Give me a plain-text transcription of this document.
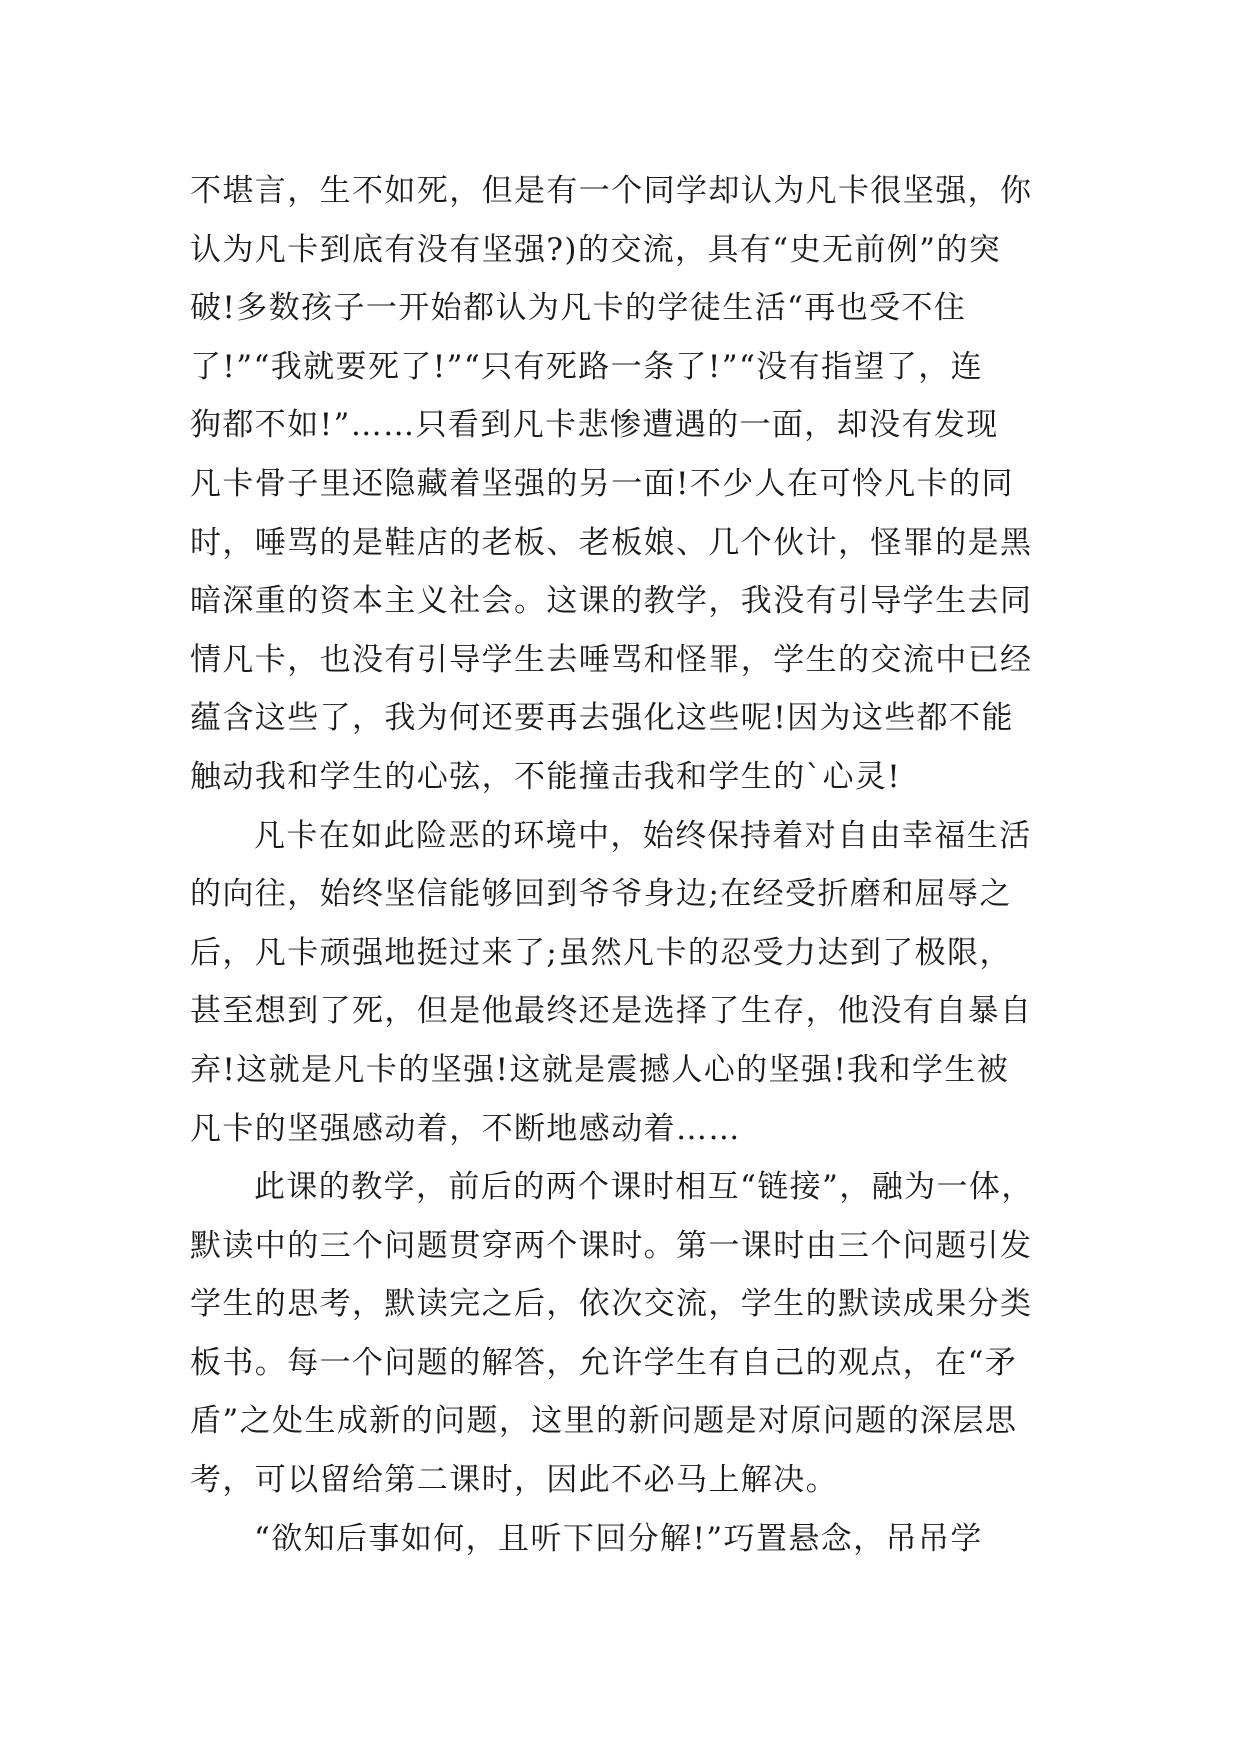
不堪言，生不如死，但是有一个同学却认为凡卡很坚强，你
认为凡卡到底有没有坚强?)的交流，具有“史无前例”的突
破!多数孩子一开始都认为凡卡的学徒生活“再也受不住
了!”“我就要死了!”“只有死路一条了!”“没有指望了，连
狗都不如!”……只看到凡卡悲惨遭遇的一面，却没有发现
凡卡骨子里还隐藏着坚强的另一面!不少人在可怜凡卡的同
时，唾骂的是鞋店的老板、老板娘、几个伙计，怪罪的是黑
暗深重的资本主义社会。这课的教学，我没有引导学生去同
情凡卡，也没有引导学生去唾骂和怪罪，学生的交流中已经
蕴含这些了，我为何还要再去强化这些呢!因为这些都不能
触动我和学生的心弦，不能撞击我和学生的`心灵!
凡卡在如此险恶的环境中，始终保持着对自由幸福生活
的向往，始终坚信能够回到爷爷身边;在经受折磨和屈辱之
后，凡卡顽强地挺过来了;虽然凡卡的忍受力达到了极限，
甚至想到了死，但是他最终还是选择了生存，他没有自暴自
弃!这就是凡卡的坚强!这就是震撼人心的坚强!我和学生被
凡卡的坚强感动着，不断地感动着……
此课的教学，前后的两个课时相互“链接”，融为一体，
默读中的三个问题贯穿两个课时。第一课时由三个问题引发
学生的思考，默读完之后，依次交流，学生的默读成果分类
板书。每一个问题的解答，允许学生有自己的观点，在“矛
盾”之处生成新的问题，这里的新问题是对原问题的深层思
考，可以留给第二课时，因此不必马上解决。
“欲知后事如何，且听下回分解!”巧置悬念，吊吊学
